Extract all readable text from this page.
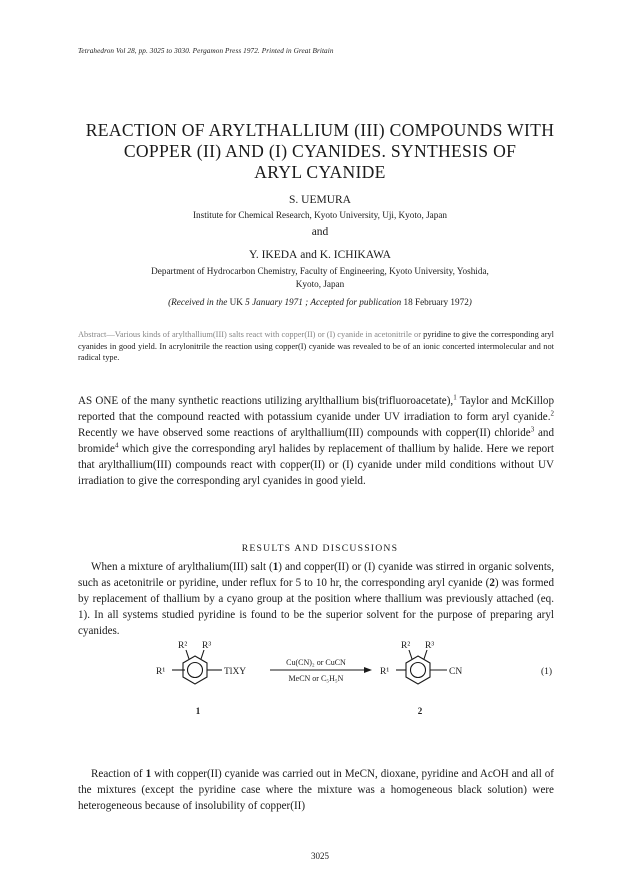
Tetrahedron Vol 28, pp. 3025 to 3030. Pergamon Press 1972. Printed in Great Britain
REACTION OF ARYLTHALLIUM (III) COMPOUNDS WITH
COPPER (II) AND (I) CYANIDES. SYNTHESIS OF
ARYL CYANIDE
S. UEMURA
Institute for Chemical Research, Kyoto University, Uji, Kyoto, Japan
and
Y. IKEDA and K. ICHIKAWA
Department of Hydrocarbon Chemistry, Faculty of Engineering, Kyoto University, Yoshida,
Kyoto, Japan
(Received in the UK 5 January 1971 ; Accepted for publication 18 February 1972)
Abstract—Various kinds of arylthallium(III) salts react with copper(II) or (I) cyanide in acetonitrile or pyridine to give the corresponding aryl cyanides in good yield. In acrylonitrile the reaction using copper(I) cyanide was revealed to be of an ionic concerted intermolecular and not radical type.
AS ONE of the many synthetic reactions utilizing arylthallium bis(trifluoroacetate),$^1$ Taylor and McKillop reported that the compound reacted with potassium cyanide under UV irradiation to form aryl cyanide.$^2$ Recently we have observed some reactions of arylthallium(III) compounds with copper(II) chloride$^3$ and bromide$^4$ which give the corresponding aryl halides by replacement of thallium by halide. Here we report that arylthallium(III) compounds react with copper(II) or (I) cyanide under mild conditions without UV irradiation to give the corresponding aryl cyanides in good yield.
RESULTS AND DISCUSSIONS
When a mixture of arylthalium(III) salt (1) and copper(II) or (I) cyanide was stirred in organic solvents, such as acetonitrile or pyridine, under reflux for 5 to 10 hr, the corresponding aryl cyanide (2) was formed by replacement of thallium by a cyano group at the position where thallium was previously attached (eq. 1). In all systems studied pyridine is found to be the superior solvent for the purpose of preparing aryl cyanides.
R¹
R² R³
TlXY
Cu(CN)₂ or CuCN
MeCN or C₅H₅N
R¹
R² R³
CN	(1)
1	2
Reaction of 1 with copper(II) cyanide was carried out in MeCN, dioxane, pyridine and AcOH and all of the mixtures (except the pyridine case where the mixture was a homogeneous black solution) were heterogeneous because of insolubility of copper(II)
3025
